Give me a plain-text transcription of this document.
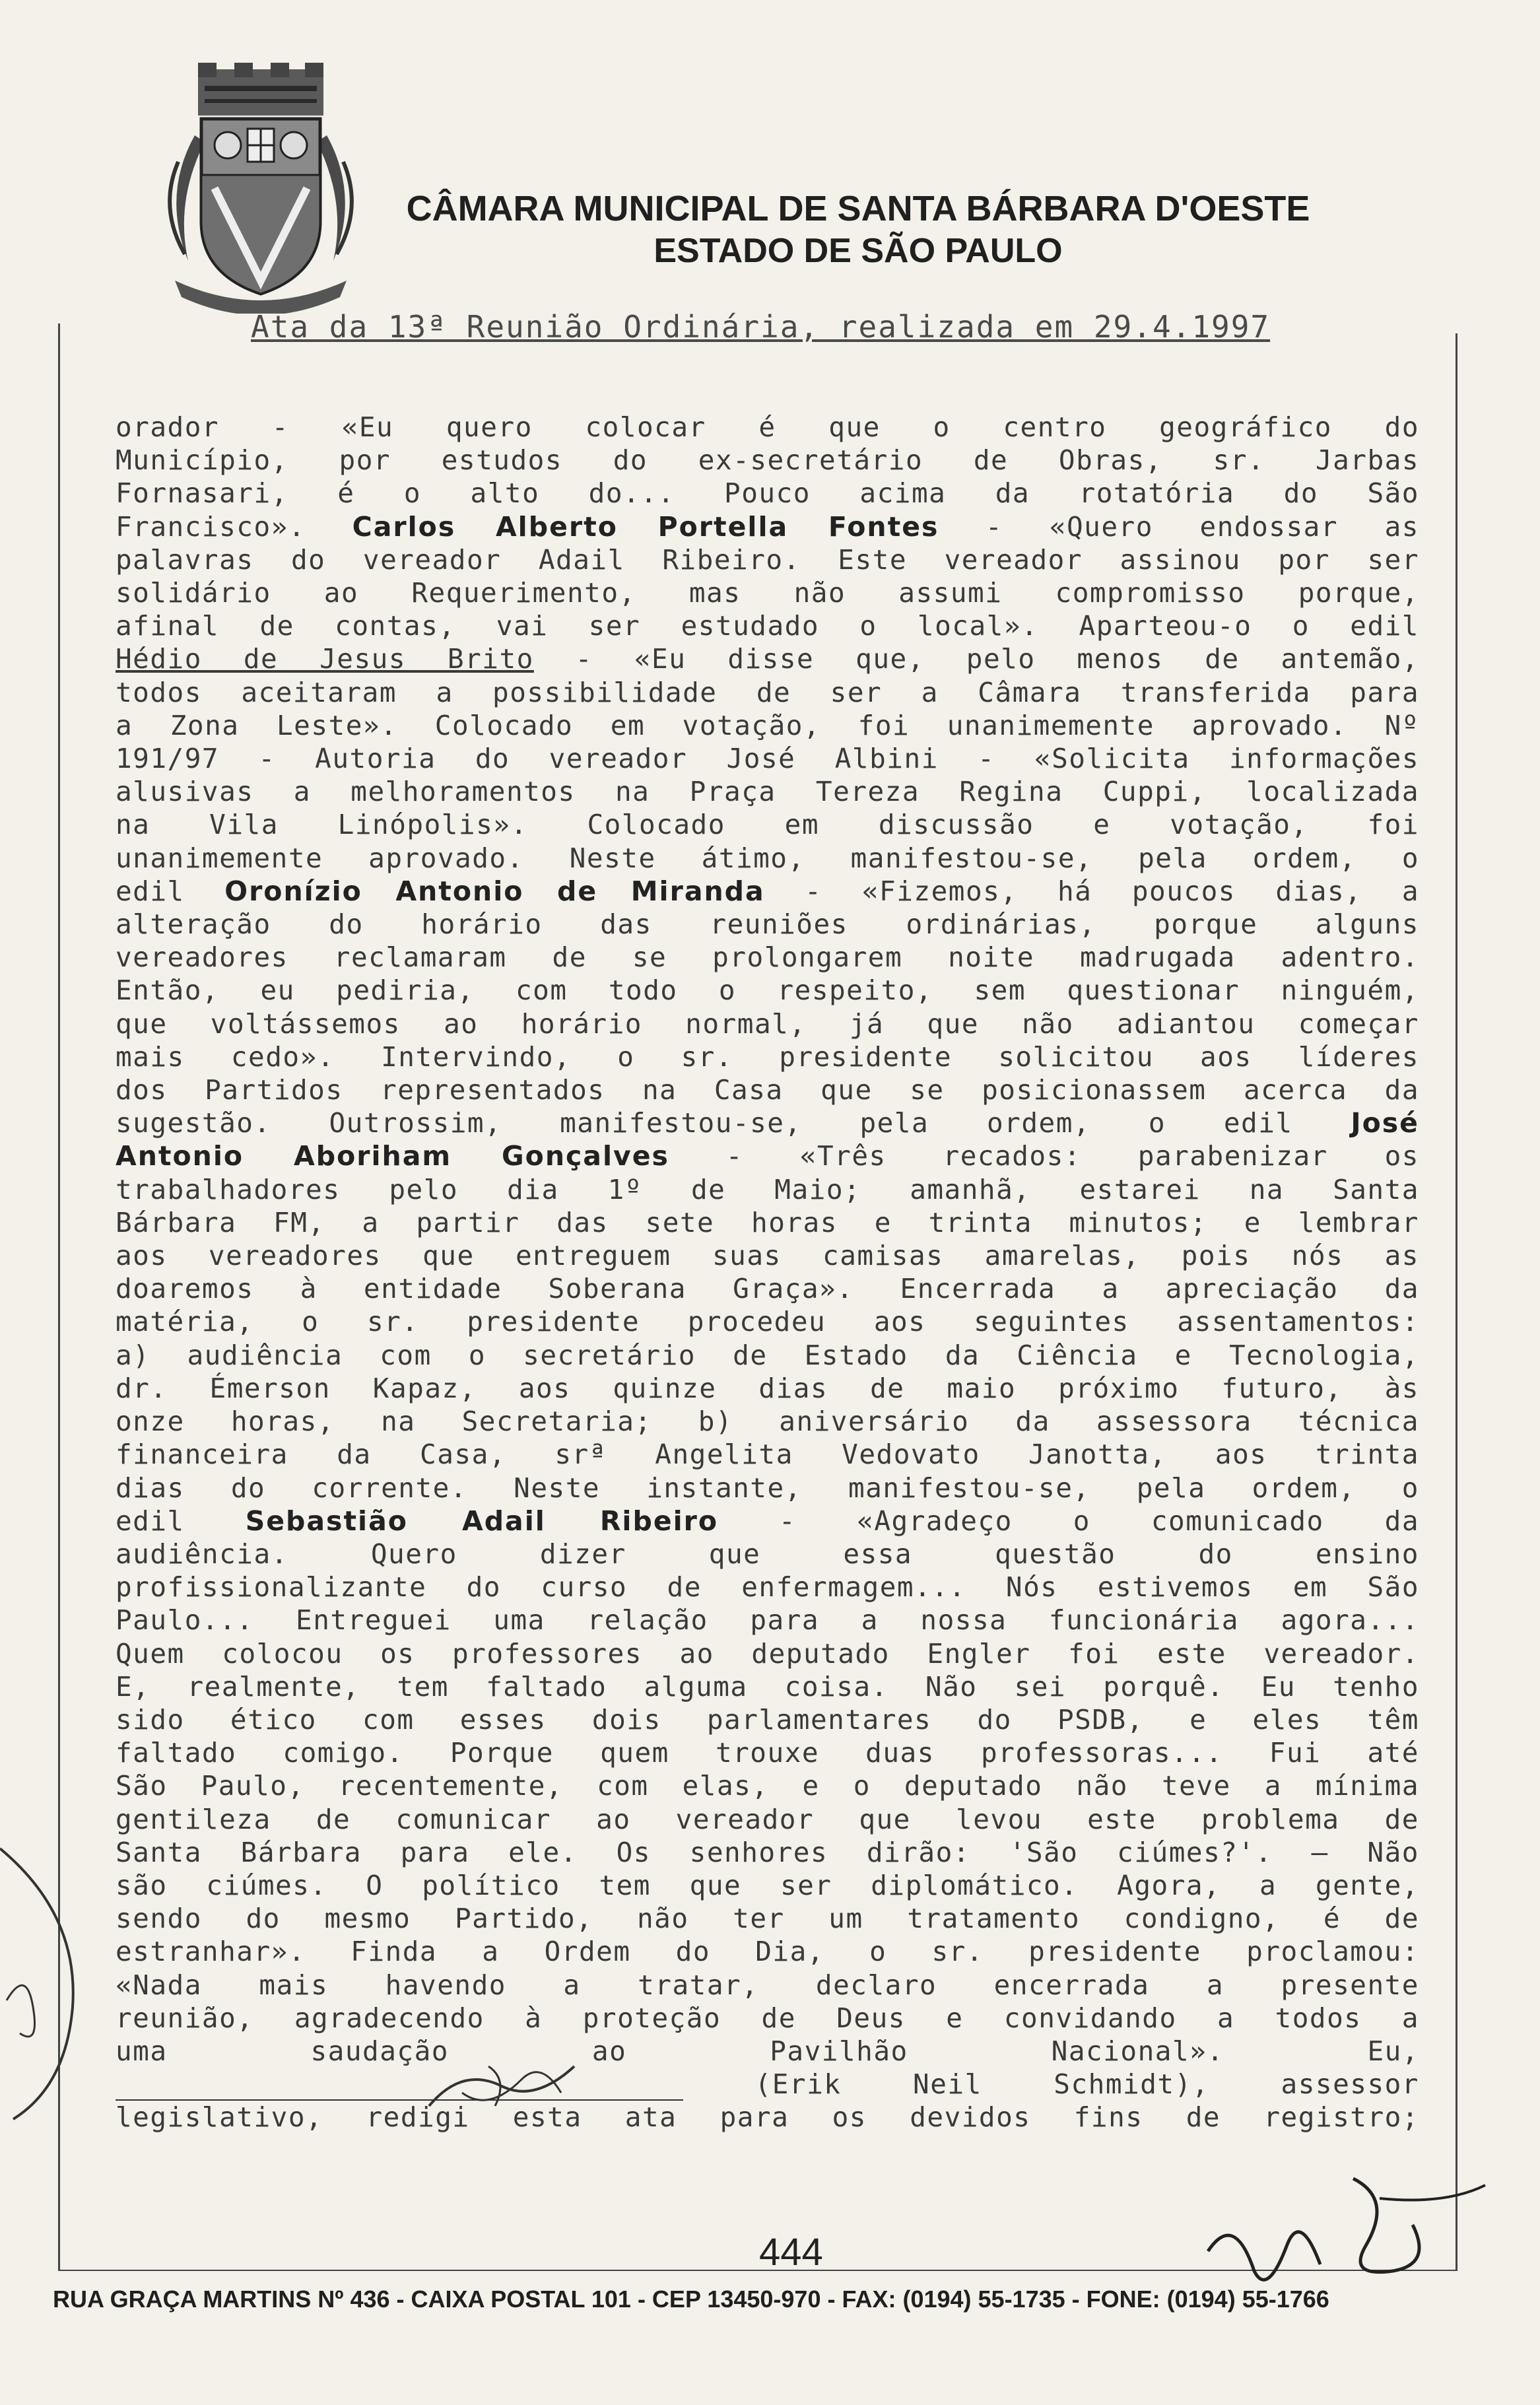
CÂMARA MUNICIPAL DE SANTA BÁRBARA D'OESTE
ESTADO DE SÃO PAULO
Ata da 13ª Reunião Ordinária, realizada em 29.4.1997
orador - «Eu quero colocar é que o centro geográfico do
Município, por estudos do ex-secretário de Obras, sr. Jarbas
Fornasari, é o alto do... Pouco acima da rotatória do São
Francisco». Carlos Alberto Portella Fontes - «Quero endossar as
palavras do vereador Adail Ribeiro. Este vereador assinou por ser
solidário ao Requerimento, mas não assumi compromisso porque,
afinal de contas, vai ser estudado o local». Aparteou-o o edil
Hédio de Jesus Brito - «Eu disse que, pelo menos de antemão,
todos aceitaram a possibilidade de ser a Câmara transferida para
a Zona Leste». Colocado em votação, foi unanimemente aprovado. Nº
191/97 - Autoria do vereador José Albini - «Solicita informações
alusivas a melhoramentos na Praça Tereza Regina Cuppi, localizada
na Vila Linópolis». Colocado em discussão e votação, foi
unanimemente aprovado. Neste átimo, manifestou-se, pela ordem, o
edil Oronízio Antonio de Miranda - «Fizemos, há poucos dias, a
alteração do horário das reuniões ordinárias, porque alguns
vereadores reclamaram de se prolongarem noite madrugada adentro.
Então, eu pediria, com todo o respeito, sem questionar ninguém,
que voltássemos ao horário normal, já que não adiantou começar
mais cedo». Intervindo, o sr. presidente solicitou aos líderes
dos Partidos representados na Casa que se posicionassem acerca da
sugestão. Outrossim, manifestou-se, pela ordem, o edil José
Antonio Aboriham Gonçalves - «Três recados: parabenizar os
trabalhadores pelo dia 1º de Maio; amanhã, estarei na Santa
Bárbara FM, a partir das sete horas e trinta minutos; e lembrar
aos vereadores que entreguem suas camisas amarelas, pois nós as
doaremos à entidade Soberana Graça». Encerrada a apreciação da
matéria, o sr. presidente procedeu aos seguintes assentamentos:
a) audiência com o secretário de Estado da Ciência e Tecnologia,
dr. Émerson Kapaz, aos quinze dias de maio próximo futuro, às
onze horas, na Secretaria; b) aniversário da assessora técnica
financeira da Casa, srª Angelita Vedovato Janotta, aos trinta
dias do corrente. Neste instante, manifestou-se, pela ordem, o
edil Sebastião Adail Ribeiro - «Agradeço o comunicado da
audiência. Quero dizer que essa questão do ensino
profissionalizante do curso de enfermagem... Nós estivemos em São
Paulo... Entreguei uma relação para a nossa funcionária agora...
Quem colocou os professores ao deputado Engler foi este vereador.
E, realmente, tem faltado alguma coisa. Não sei porquê. Eu tenho
sido ético com esses dois parlamentares do PSDB, e eles têm
faltado comigo. Porque quem trouxe duas professoras... Fui até
São Paulo, recentemente, com elas, e o deputado não teve a mínima
gentileza de comunicar ao vereador que levou este problema de
Santa Bárbara para ele. Os senhores dirão: 'São ciúmes?'. — Não
são ciúmes. O político tem que ser diplomático. Agora, a gente,
sendo do mesmo Partido, não ter um tratamento condigno, é de
estranhar». Finda a Ordem do Dia, o sr. presidente proclamou:
«Nada mais havendo a tratar, declaro encerrada a presente
reunião, agradecendo à proteção de Deus e convidando a todos a
uma saudação ao Pavilhão Nacional». Eu,
(Erik Neil Schmidt), assessor
legislativo, redigi esta ata para os devidos fins de registro;
444
RUA GRAÇA MARTINS Nº 436 - CAIXA POSTAL 101 - CEP 13450-970 - FAX: (0194) 55-1735 - FONE: (0194) 55-1766
